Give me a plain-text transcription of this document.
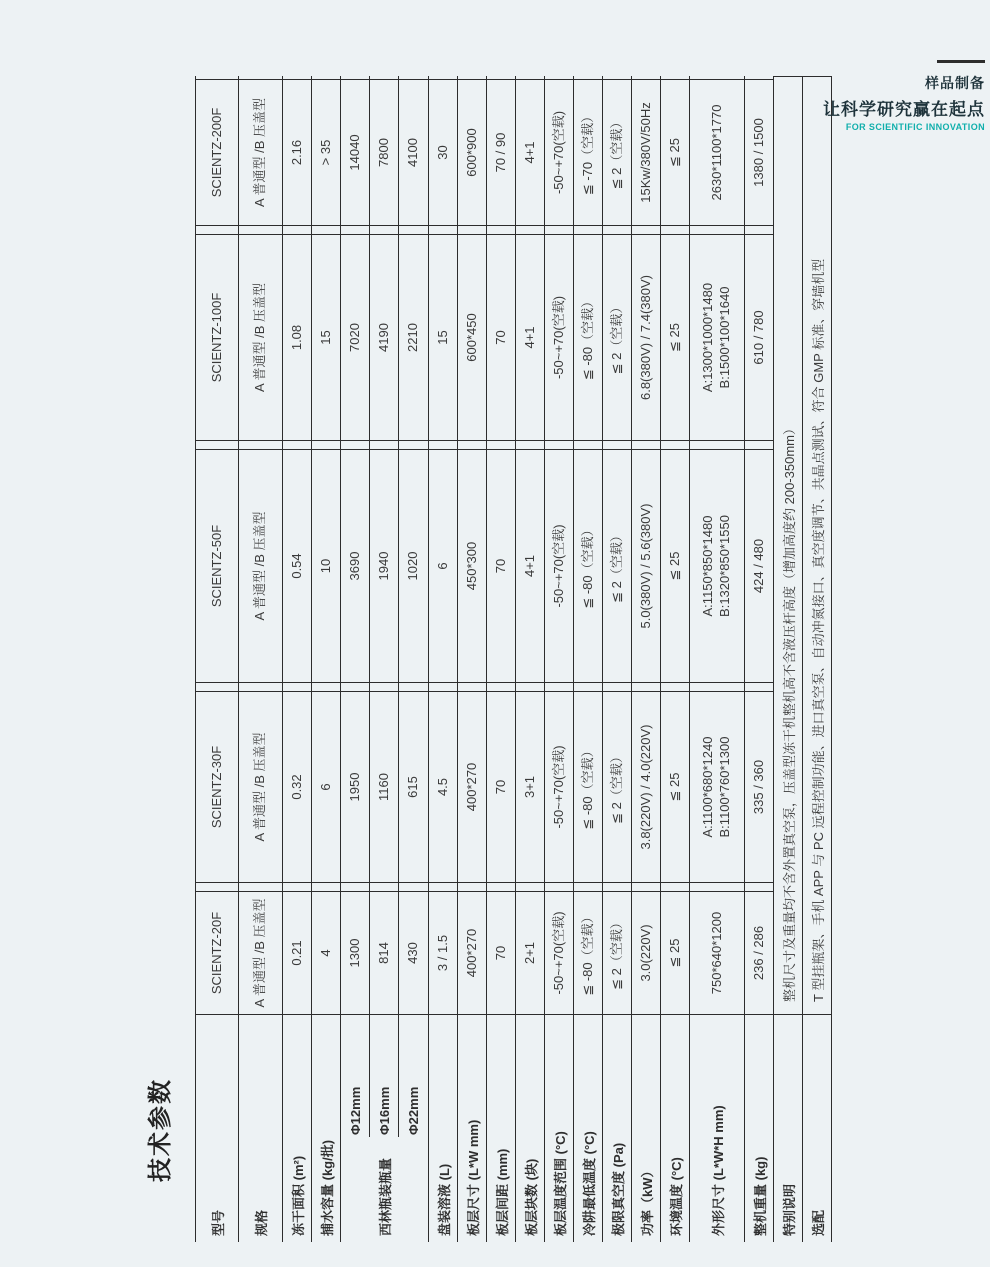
技术参数
型号
SCIENTZ-20F
SCIENTZ-30F
SCIENTZ-50F
SCIENTZ-100F
SCIENTZ-200F
规格
A 普通型 /B 压盖型
A 普通型 /B 压盖型
A 普通型 /B 压盖型
A 普通型 /B 压盖型
A 普通型 /B 压盖型
冻干面积 (m²)
0.21
0.32
0.54
1.08
2.16
捕水容量 (kg/批)
4
6
10
15
> 35
西林瓶装瓶量
Φ12mm
1300
1950
3690
7020
14040
Φ16mm
814
1160
1940
4190
7800
Φ22mm
430
615
1020
2210
4100
盘装溶液 (L)
3 / 1.5
4.5
6
15
30
板层尺寸 (L*W mm)
400*270
400*270
450*300
600*450
600*900
板层间距 (mm)
70
70
70
70
70 / 90
板层块数 (块)
2+1
3+1
4+1
4+1
4+1
板层温度范围 (°C)
-50~+70(空载)
-50~+70(空载)
-50~+70(空载)
-50~+70(空载)
-50~+70(空载)
冷阱最低温度 (°C)
≦ -80（空载）
≦ -80（空载）
≦ -80（空载）
≦ -80（空载）
≦ -70（空载）
极限真空度 (Pa)
≦ 2（空载）
≦ 2（空载）
≦ 2（空载）
≦ 2（空载）
≦ 2（空载）
功率（kW）
3.0(220V)
3.8(220V) / 4.0(220V)
5.0(380V) / 5.6(380V)
6.8(380V) / 7.4(380V)
15Kw/380V/50Hz
环境温度 (°C)
≦ 25
≦ 25
≦ 25
≦ 25
≦ 25
外形尺寸 (L*W*H mm)
750*640*1200
A:1100*680*1240 B:1100*760*1300
A:1150*850*1480 B:1320*850*1550
A:1300*1000*1480 B:1500*100*1640
2630*1100*1770
整机重量 (kg)
236 / 286
335 / 360
424 / 480
610 / 780
1380 / 1500
特别说明
整机尺寸及重量均不含外置真空泵，压盖型冻干机整机高不含液压杆高度（增加高度约 200-350mm）
选配
T 型挂瓶架、手机 APP 与 PC 远程控制功能、进口真空泵、自动冲氮接口、真空度调节、共晶点测试、符合 GMP 标准、穿墙机型
样品制备
让科学研究赢在起点
FOR SCIENTIFIC INNOVATION
